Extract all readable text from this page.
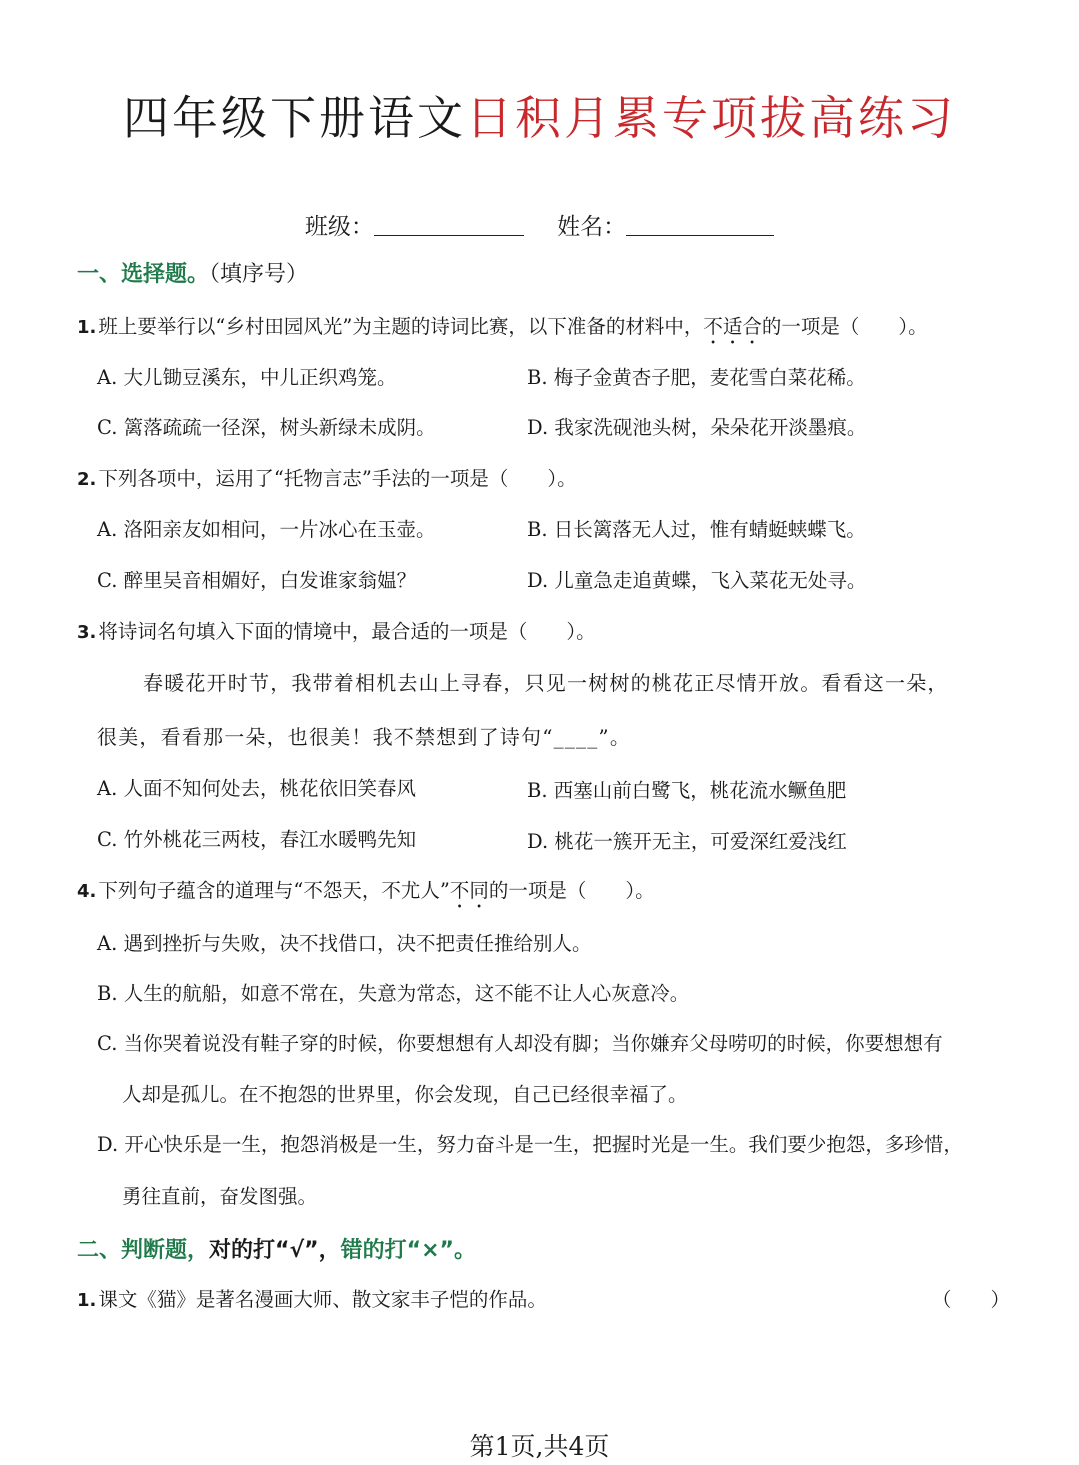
四年级下册语文日积月累专项拔高练习
班级：	姓名：
一、选择题。（填序号）
1. 班上要举行以“乡村田园风光”为主题的诗词比赛，以下准备的材料中，不适合的一项是（　　）。
A. 大儿锄豆溪东，中儿正织鸡笼。	B. 梅子金黄杏子肥，麦花雪白菜花稀。
C. 篱落疏疏一径深，树头新绿未成阴。	D. 我家洗砚池头树，朵朵花开淡墨痕。
2. 下列各项中，运用了“托物言志”手法的一项是（　　）。
A. 洛阳亲友如相问，一片冰心在玉壶。	B. 日长篱落无人过，惟有蜻蜓蛱蝶飞。
C. 醉里吴音相媚好，白发谁家翁媪？	D. 儿童急走追黄蝶，飞入菜花无处寻。
3. 将诗词名句填入下面的情境中，最合适的一项是（　　）。
春暖花开时节，我带着相机去山上寻春，只见一树树的桃花正尽情开放。看看这一朵，
很美，看看那一朵，也很美！我不禁想到了诗句“____”。
A. 人面不知何处去，桃花依旧笑春风	B. 西塞山前白鹭飞，桃花流水鳜鱼肥
C. 竹外桃花三两枝，春江水暖鸭先知	D. 桃花一簇开无主，可爱深红爱浅红
4. 下列句子蕴含的道理与“不怨天，不尤人”不同的一项是（　　）。
A. 遇到挫折与失败，决不找借口，决不把责任推给别人。
B. 人生的航船，如意不常在，失意为常态，这不能不让人心灰意冷。
C. 当你哭着说没有鞋子穿的时候，你要想想有人却没有脚；当你嫌弃父母唠叨的时候，你要想想有
人却是孤儿。在不抱怨的世界里，你会发现，自己已经很幸福了。
D. 开心快乐是一生，抱怨消极是一生，努力奋斗是一生，把握时光是一生。我们要少抱怨，多珍惜，
勇往直前，奋发图强。
二、判断题，对的打“√”，错的打“×”。
1. 课文《猫》是著名漫画大师、散文家丰子恺的作品。	（　　）
第1页,共4页
